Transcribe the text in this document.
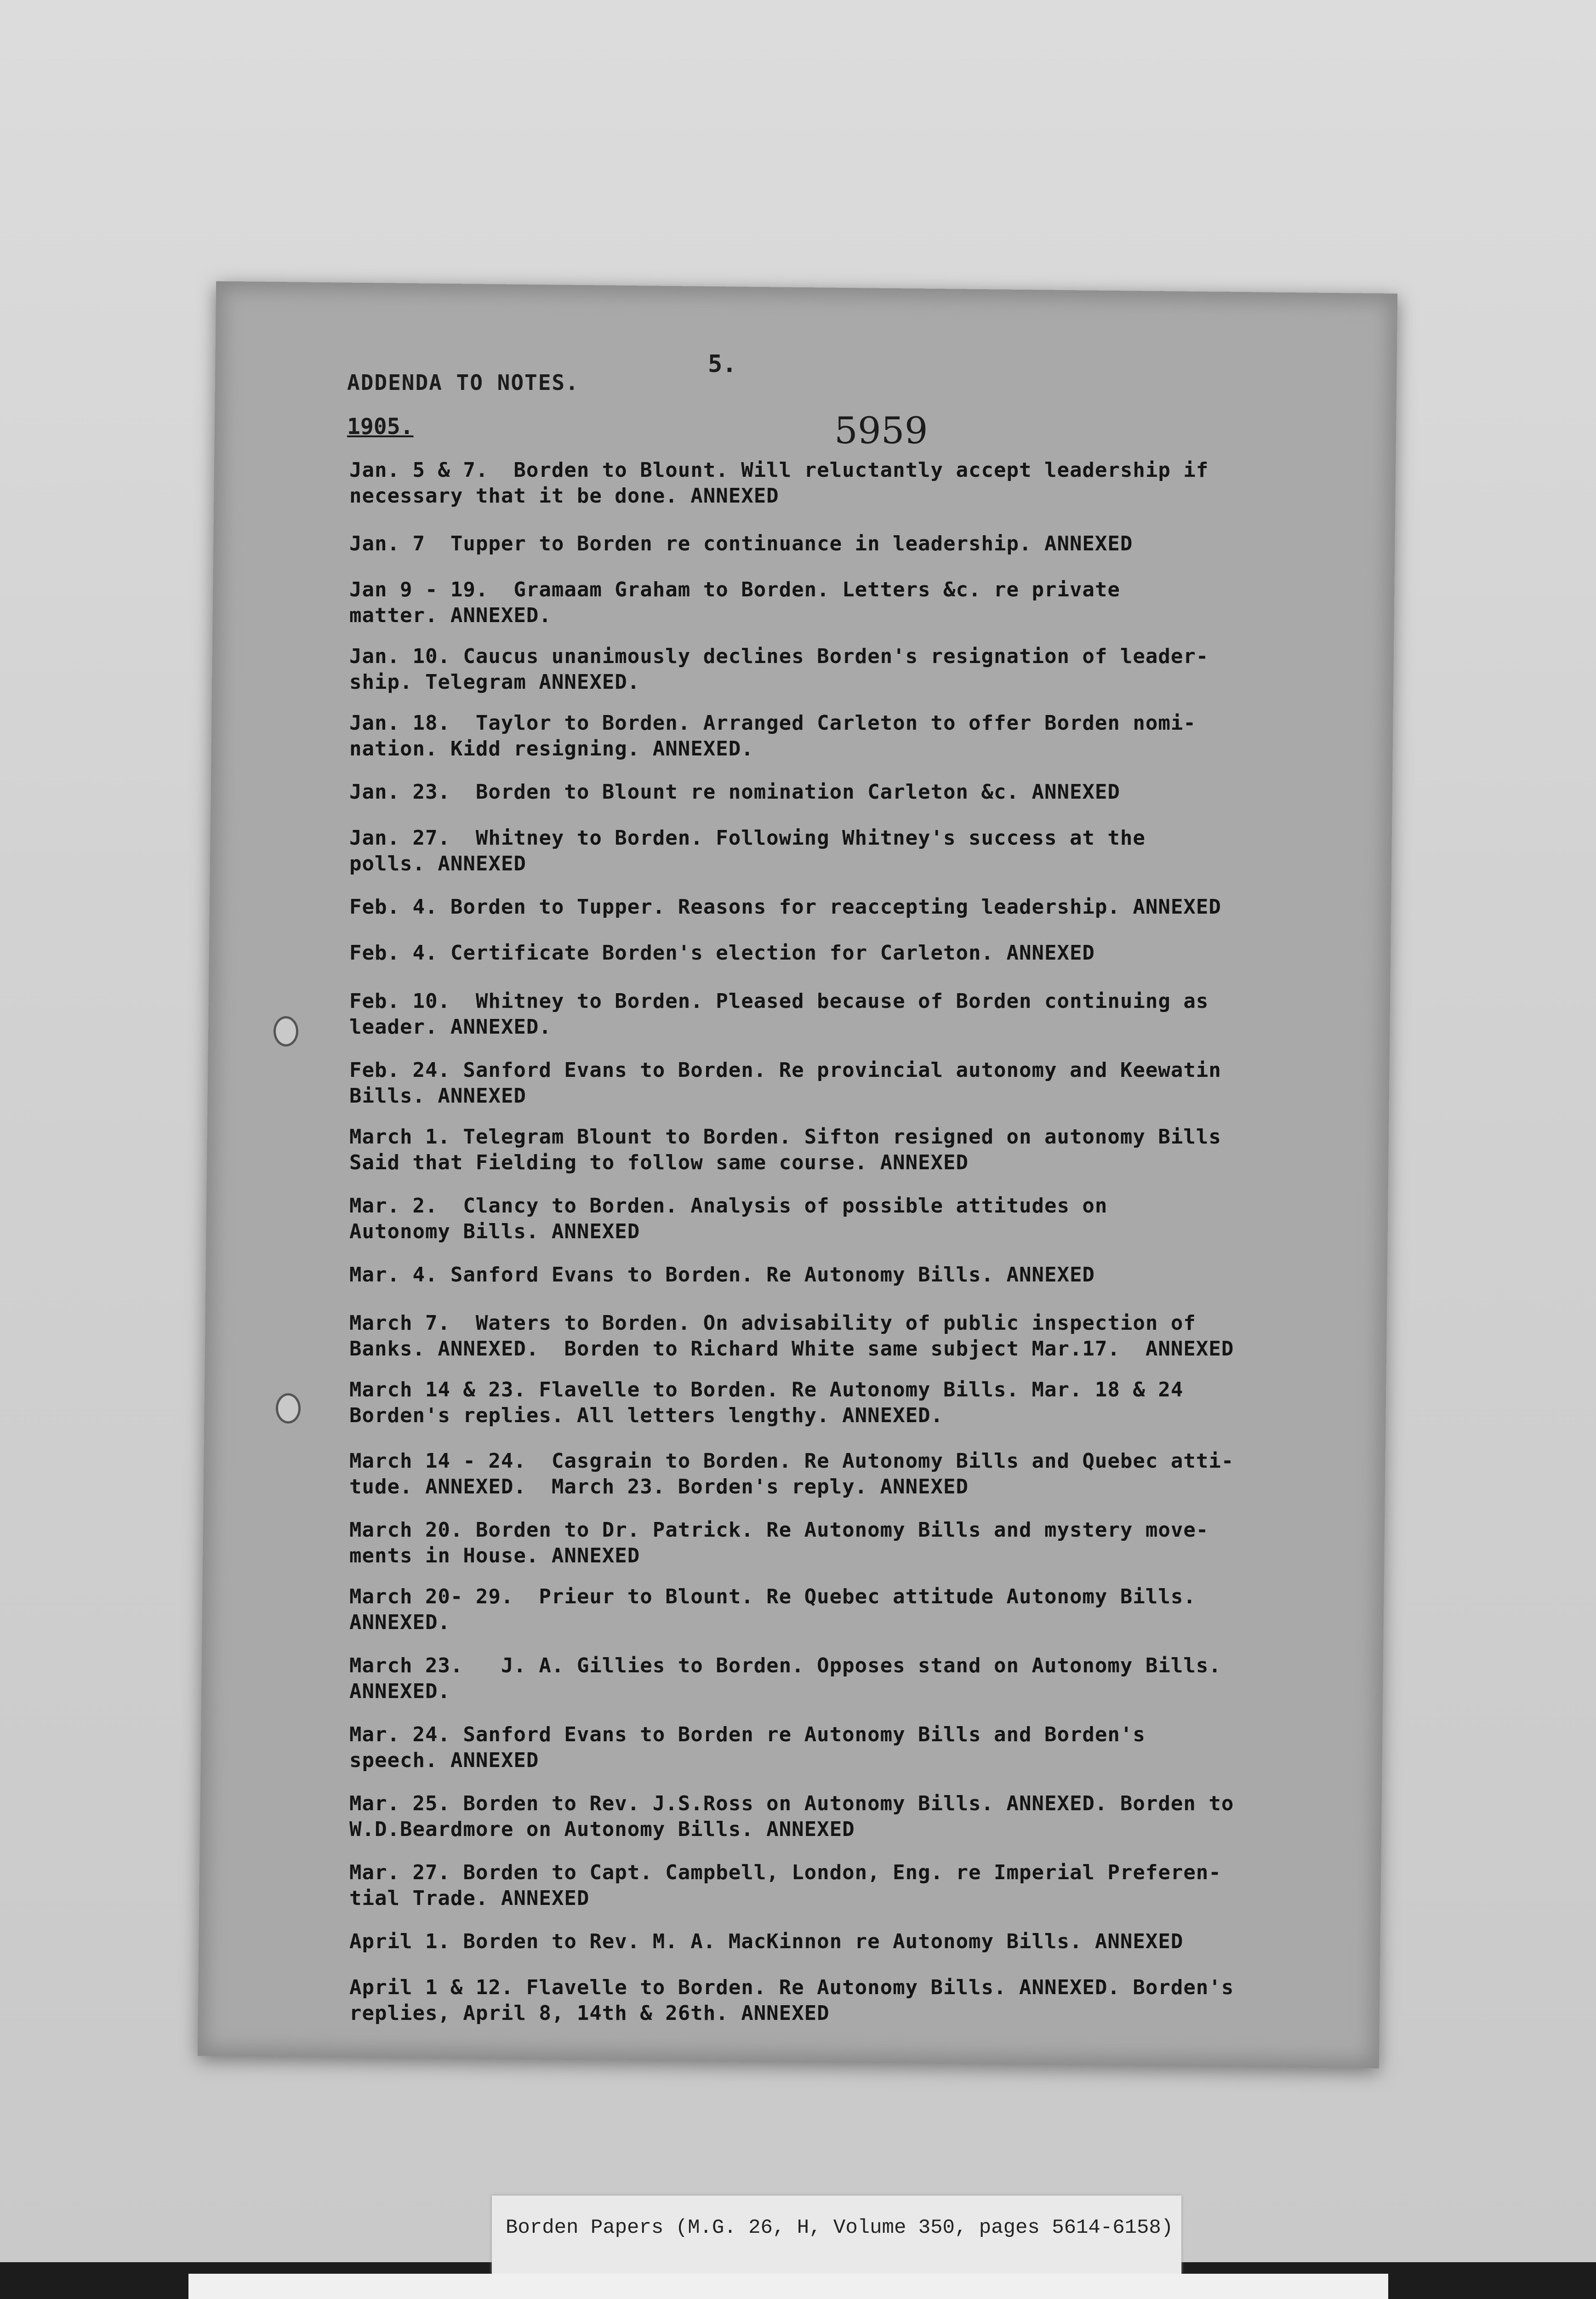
5.
ADDENDA TO NOTES.
1905.	5959
Jan. 5 & 7.  Borden to Blount. Will reluctantly accept leadership if
necessary that it be done. ANNEXED
Jan. 7  Tupper to Borden re continuance in leadership. ANNEXED
Jan 9 - 19.  Gramaam Graham to Borden. Letters &c. re private
matter. ANNEXED.
Jan. 10. Caucus unanimously declines Borden's resignation of leader-
ship. Telegram ANNEXED.
Jan. 18.  Taylor to Borden. Arranged Carleton to offer Borden nomi-
nation. Kidd resigning. ANNEXED.
Jan. 23.  Borden to Blount re nomination Carleton &c. ANNEXED
Jan. 27.  Whitney to Borden. Following Whitney's success at the
polls. ANNEXED
Feb. 4. Borden to Tupper. Reasons for reaccepting leadership. ANNEXED
Feb. 4. Certificate Borden's election for Carleton. ANNEXED
Feb. 10.  Whitney to Borden. Pleased because of Borden continuing as
leader. ANNEXED.
Feb. 24. Sanford Evans to Borden. Re provincial autonomy and Keewatin
Bills. ANNEXED
March 1. Telegram Blount to Borden. Sifton resigned on autonomy Bills
Said that Fielding to follow same course. ANNEXED
Mar. 2.  Clancy to Borden. Analysis of possible attitudes on
Autonomy Bills. ANNEXED
Mar. 4. Sanford Evans to Borden. Re Autonomy Bills. ANNEXED
March 7.  Waters to Borden. On advisability of public inspection of
Banks. ANNEXED.  Borden to Richard White same subject Mar.17.  ANNEXED
March 14 & 23. Flavelle to Borden. Re Autonomy Bills. Mar. 18 & 24
Borden's replies. All letters lengthy. ANNEXED.
March 14 - 24.  Casgrain to Borden. Re Autonomy Bills and Quebec atti-
tude. ANNEXED.  March 23. Borden's reply. ANNEXED
March 20. Borden to Dr. Patrick. Re Autonomy Bills and mystery move-
ments in House. ANNEXED
March 20- 29.  Prieur to Blount. Re Quebec attitude Autonomy Bills.
ANNEXED.
March 23.   J. A. Gillies to Borden. Opposes stand on Autonomy Bills.
ANNEXED.
Mar. 24. Sanford Evans to Borden re Autonomy Bills and Borden's
speech. ANNEXED
Mar. 25. Borden to Rev. J.S.Ross on Autonomy Bills. ANNEXED. Borden to
W.D.Beardmore on Autonomy Bills. ANNEXED
Mar. 27. Borden to Capt. Campbell, London, Eng. re Imperial Preferen-
tial Trade. ANNEXED
April 1. Borden to Rev. M. A. MacKinnon re Autonomy Bills. ANNEXED
April 1 & 12. Flavelle to Borden. Re Autonomy Bills. ANNEXED. Borden's
replies, April 8, 14th & 26th. ANNEXED
Borden Papers (M.G. 26, H, Volume 350, pages 5614-6158)
